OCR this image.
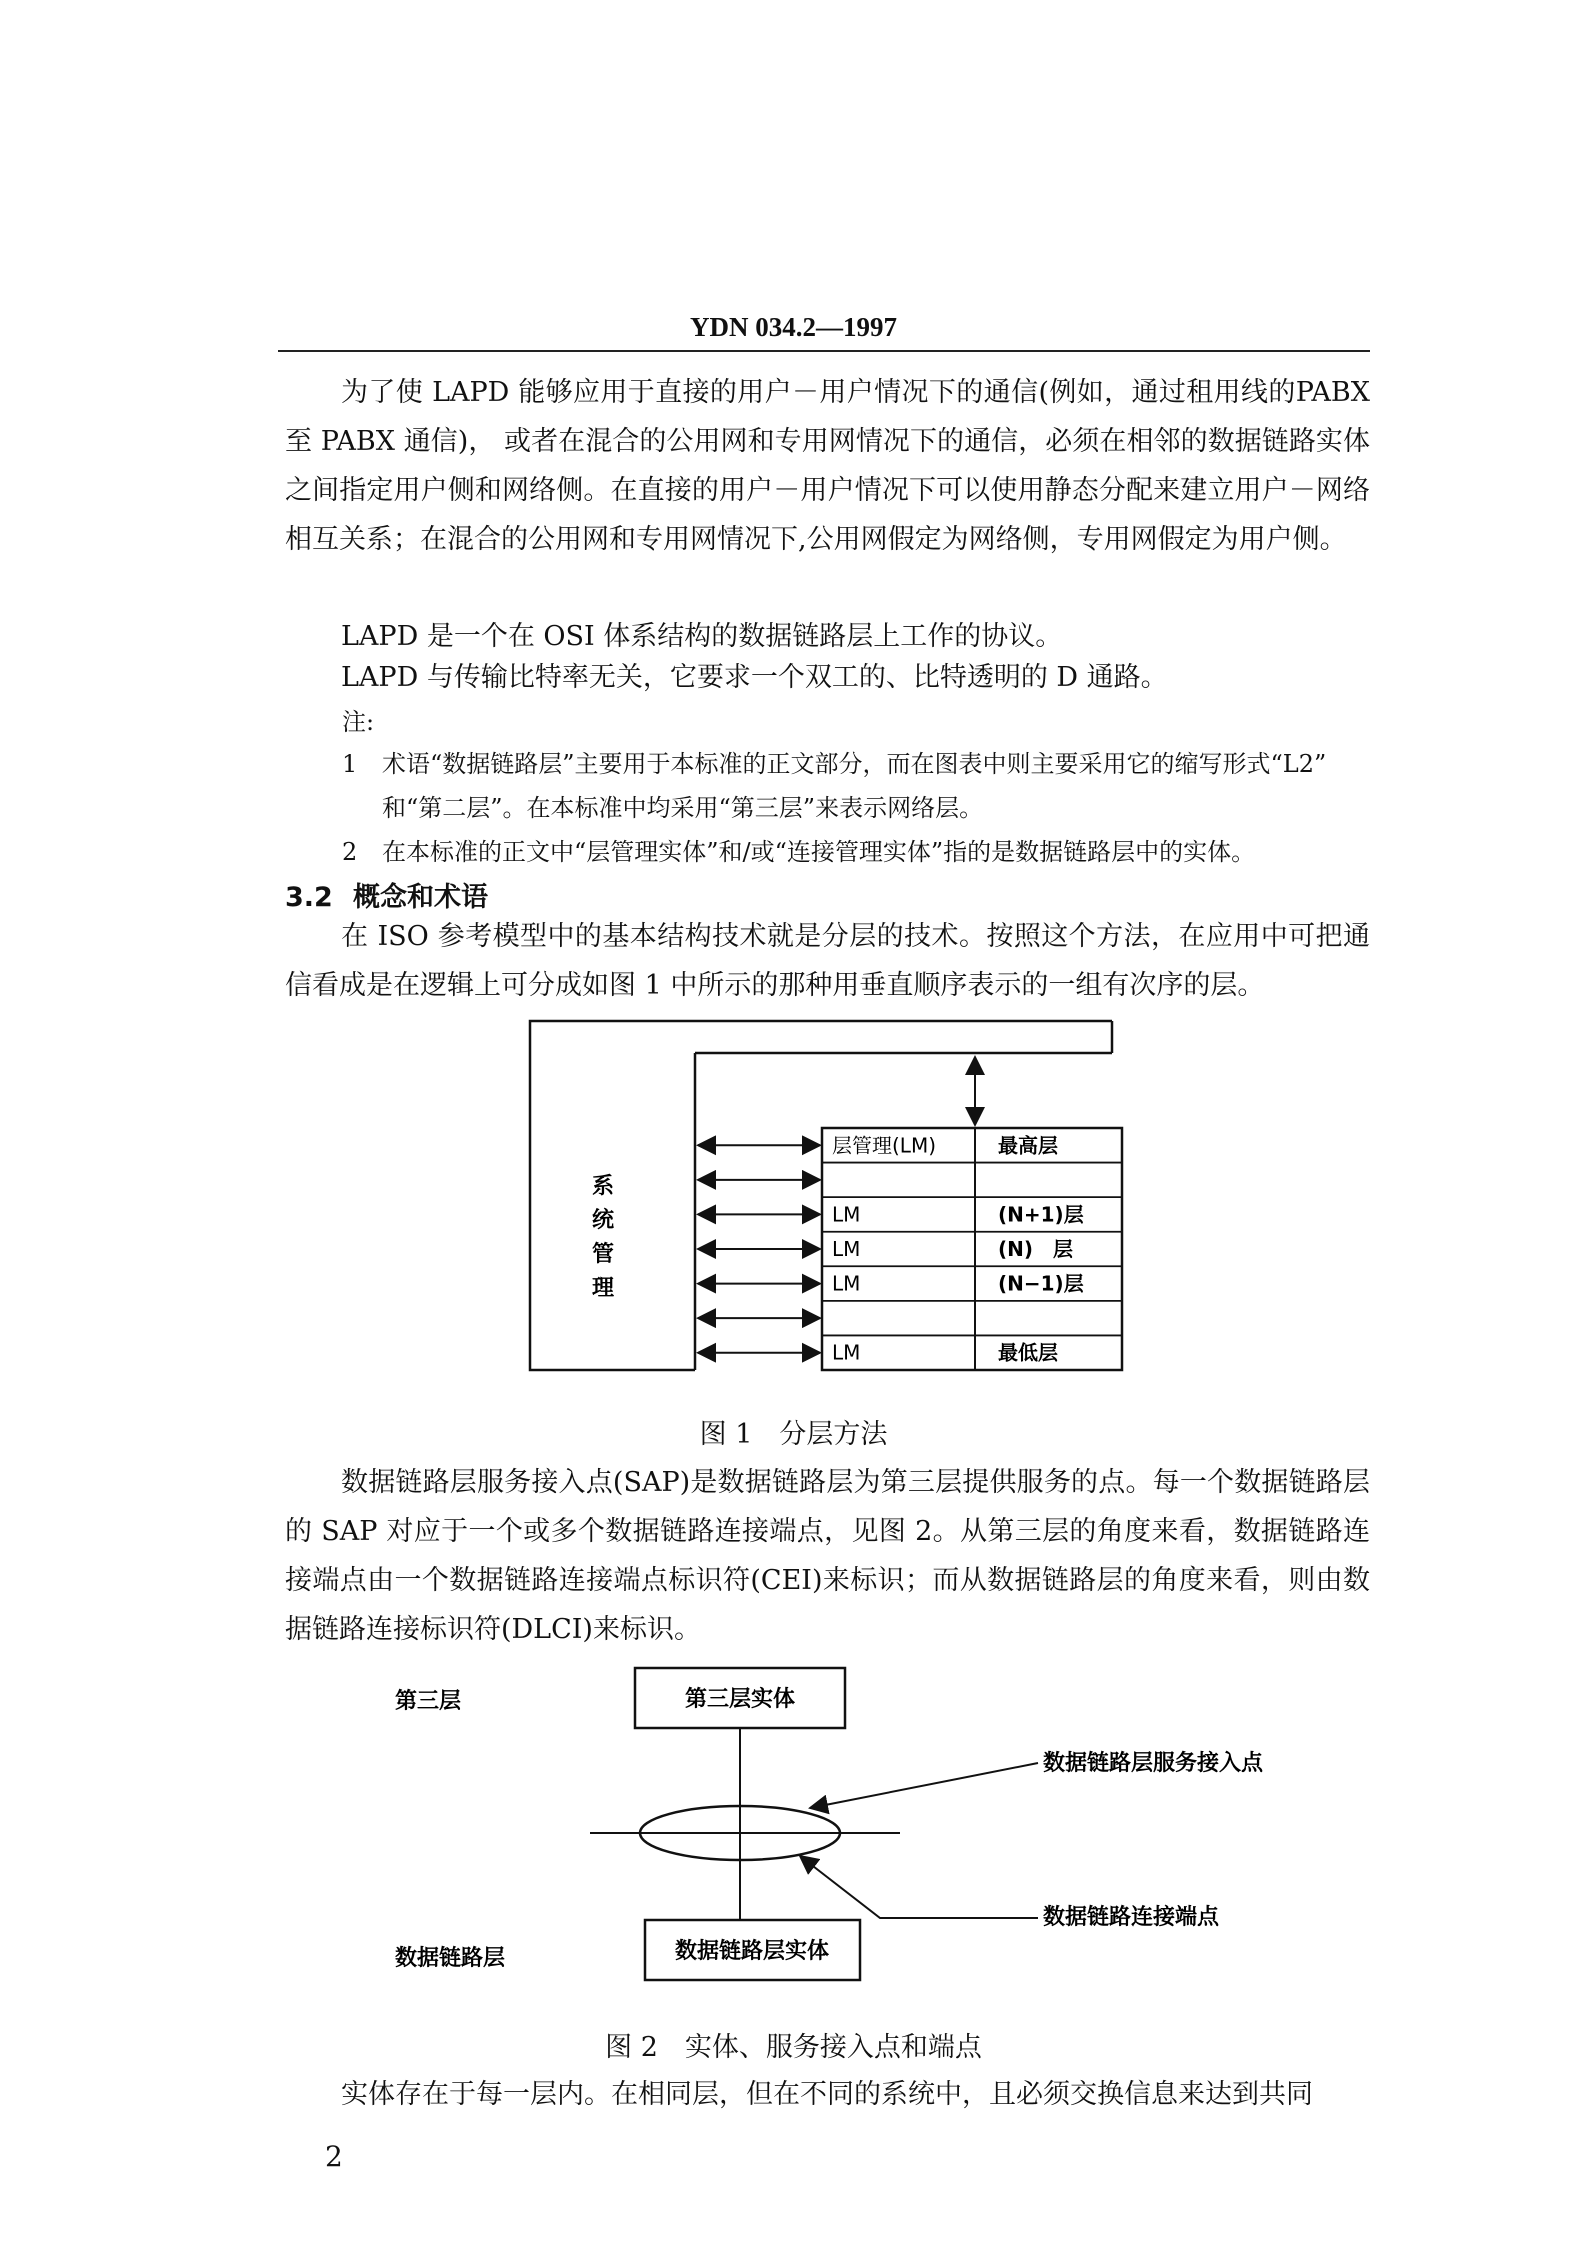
YDN 034.2—1997

为了使 LAPD 能够应用于直接的用户－用户情况下的通信(例如，通过租用线的PABX 至 PABX 通信)， 或者在混合的公用网和专用网情况下的通信，必须在相邻的数据链路实体之间指定用户侧和网络侧。在直接的用户－用户情况下可以使用静态分配来建立用户－网络相互关系；在混合的公用网和专用网情况下,公用网假定为网络侧，专用网假定为用户侧。

LAPD 是一个在 OSI 体系结构的数据链路层上工作的协议。

LAPD 与传输比特率无关，它要求一个双工的、比特透明的 D 通路。

注:

1 术语“数据链路层”主要用于本标准的正文部分，而在图表中则主要采用它的缩写形式“L2”
和“第二层”。在本标准中均采用“第三层”来表示网络层。

2 在本标准的正文中“层管理实体”和/或“连接管理实体”指的是数据链路层中的实体。

3.2 概念和术语

在 ISO 参考模型中的基本结构技术就是分层的技术。按照这个方法，在应用中可把通信看成是在逻辑上可分成如图 1 中所示的那种用垂直顺序表示的一组有次序的层。

层管理(LM)	最高层
LM	(N+1)层
LM	(N)　层
LM	(N−1)层
LM	最低层
系
统
管
理
图 1　分层方法

数据链路层服务接入点(SAP)是数据链路层为第三层提供服务的点。每一个数据链路层的 SAP 对应于一个或多个数据链路连接端点，见图 2。从第三层的角度来看，数据链路连接端点由一个数据链路连接端点标识符(CEI)来标识；而从数据链路层的角度来看，则由数据链路连接标识符(DLCI)来标识。

第三层
数据链路层
第三层实体
数据链路层实体
数据链路层服务接入点
数据链路连接端点
图 2　实体、服务接入点和端点

实体存在于每一层内。在相同层，但在不同的系统中，且必须交换信息来达到共同

2
